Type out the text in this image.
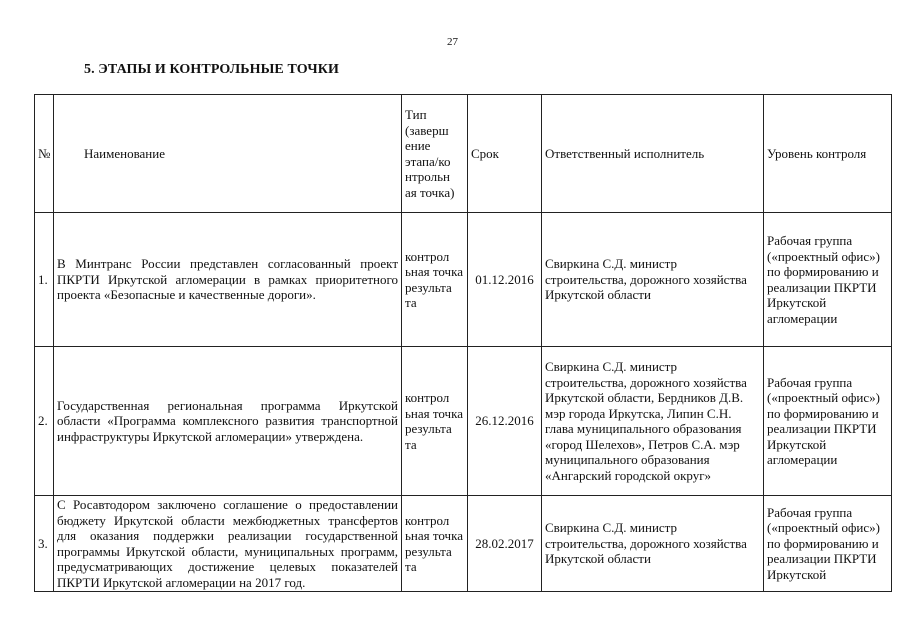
27
5. ЭТАПЫ И КОНТРОЛЬНЫЕ ТОЧКИ
№	Наименование	Тип (заверш ение этапа/ко нтрольн ая точка)	Срок	Ответственный исполнитель	Уровень контроля
1.	В Минтранс России представлен согласованный проект ПКРТИ Иркутской агломерации в рамках приоритетного проекта «Безопасные и качественные дороги».	контрол ьная точка результа та	01.12.2016	Свиркина С.Д. министр строительства, дорожного хозяйства Иркутской области	Рабочая группа («проектный офис») по формированию и реализации ПКРТИ Иркутской агломерации
2.	Государственная региональная программа Иркутской области «Программа комплексного развития транспортной инфраструктуры Иркутской агломерации» утверждена.	контрол ьная точка результа та	26.12.2016	Свиркина С.Д. министр строительства, дорожного хозяйства Иркутской области, Бердников Д.В. мэр города Иркутска, Липин С.Н. глава муниципального образования «город Шелехов», Петров С.А. мэр муниципального образования «Ангарский городской округ»	Рабочая группа («проектный офис») по формированию и реализации ПКРТИ Иркутской агломерации
3.	С Росавтодором заключено соглашение о предоставлении бюджету Иркутской области межбюджетных трансфертов для оказания поддержки реализации государственной программы Иркутской области, муниципальных программ, предусматривающих достижение целевых показателей ПКРТИ Иркутской агломерации на 2017 год.	контрол ьная точка результа та	28.02.2017	Свиркина С.Д. министр строительства, дорожного хозяйства Иркутской области	Рабочая группа («проектный офис») по формированию и реализации ПКРТИ Иркутской
